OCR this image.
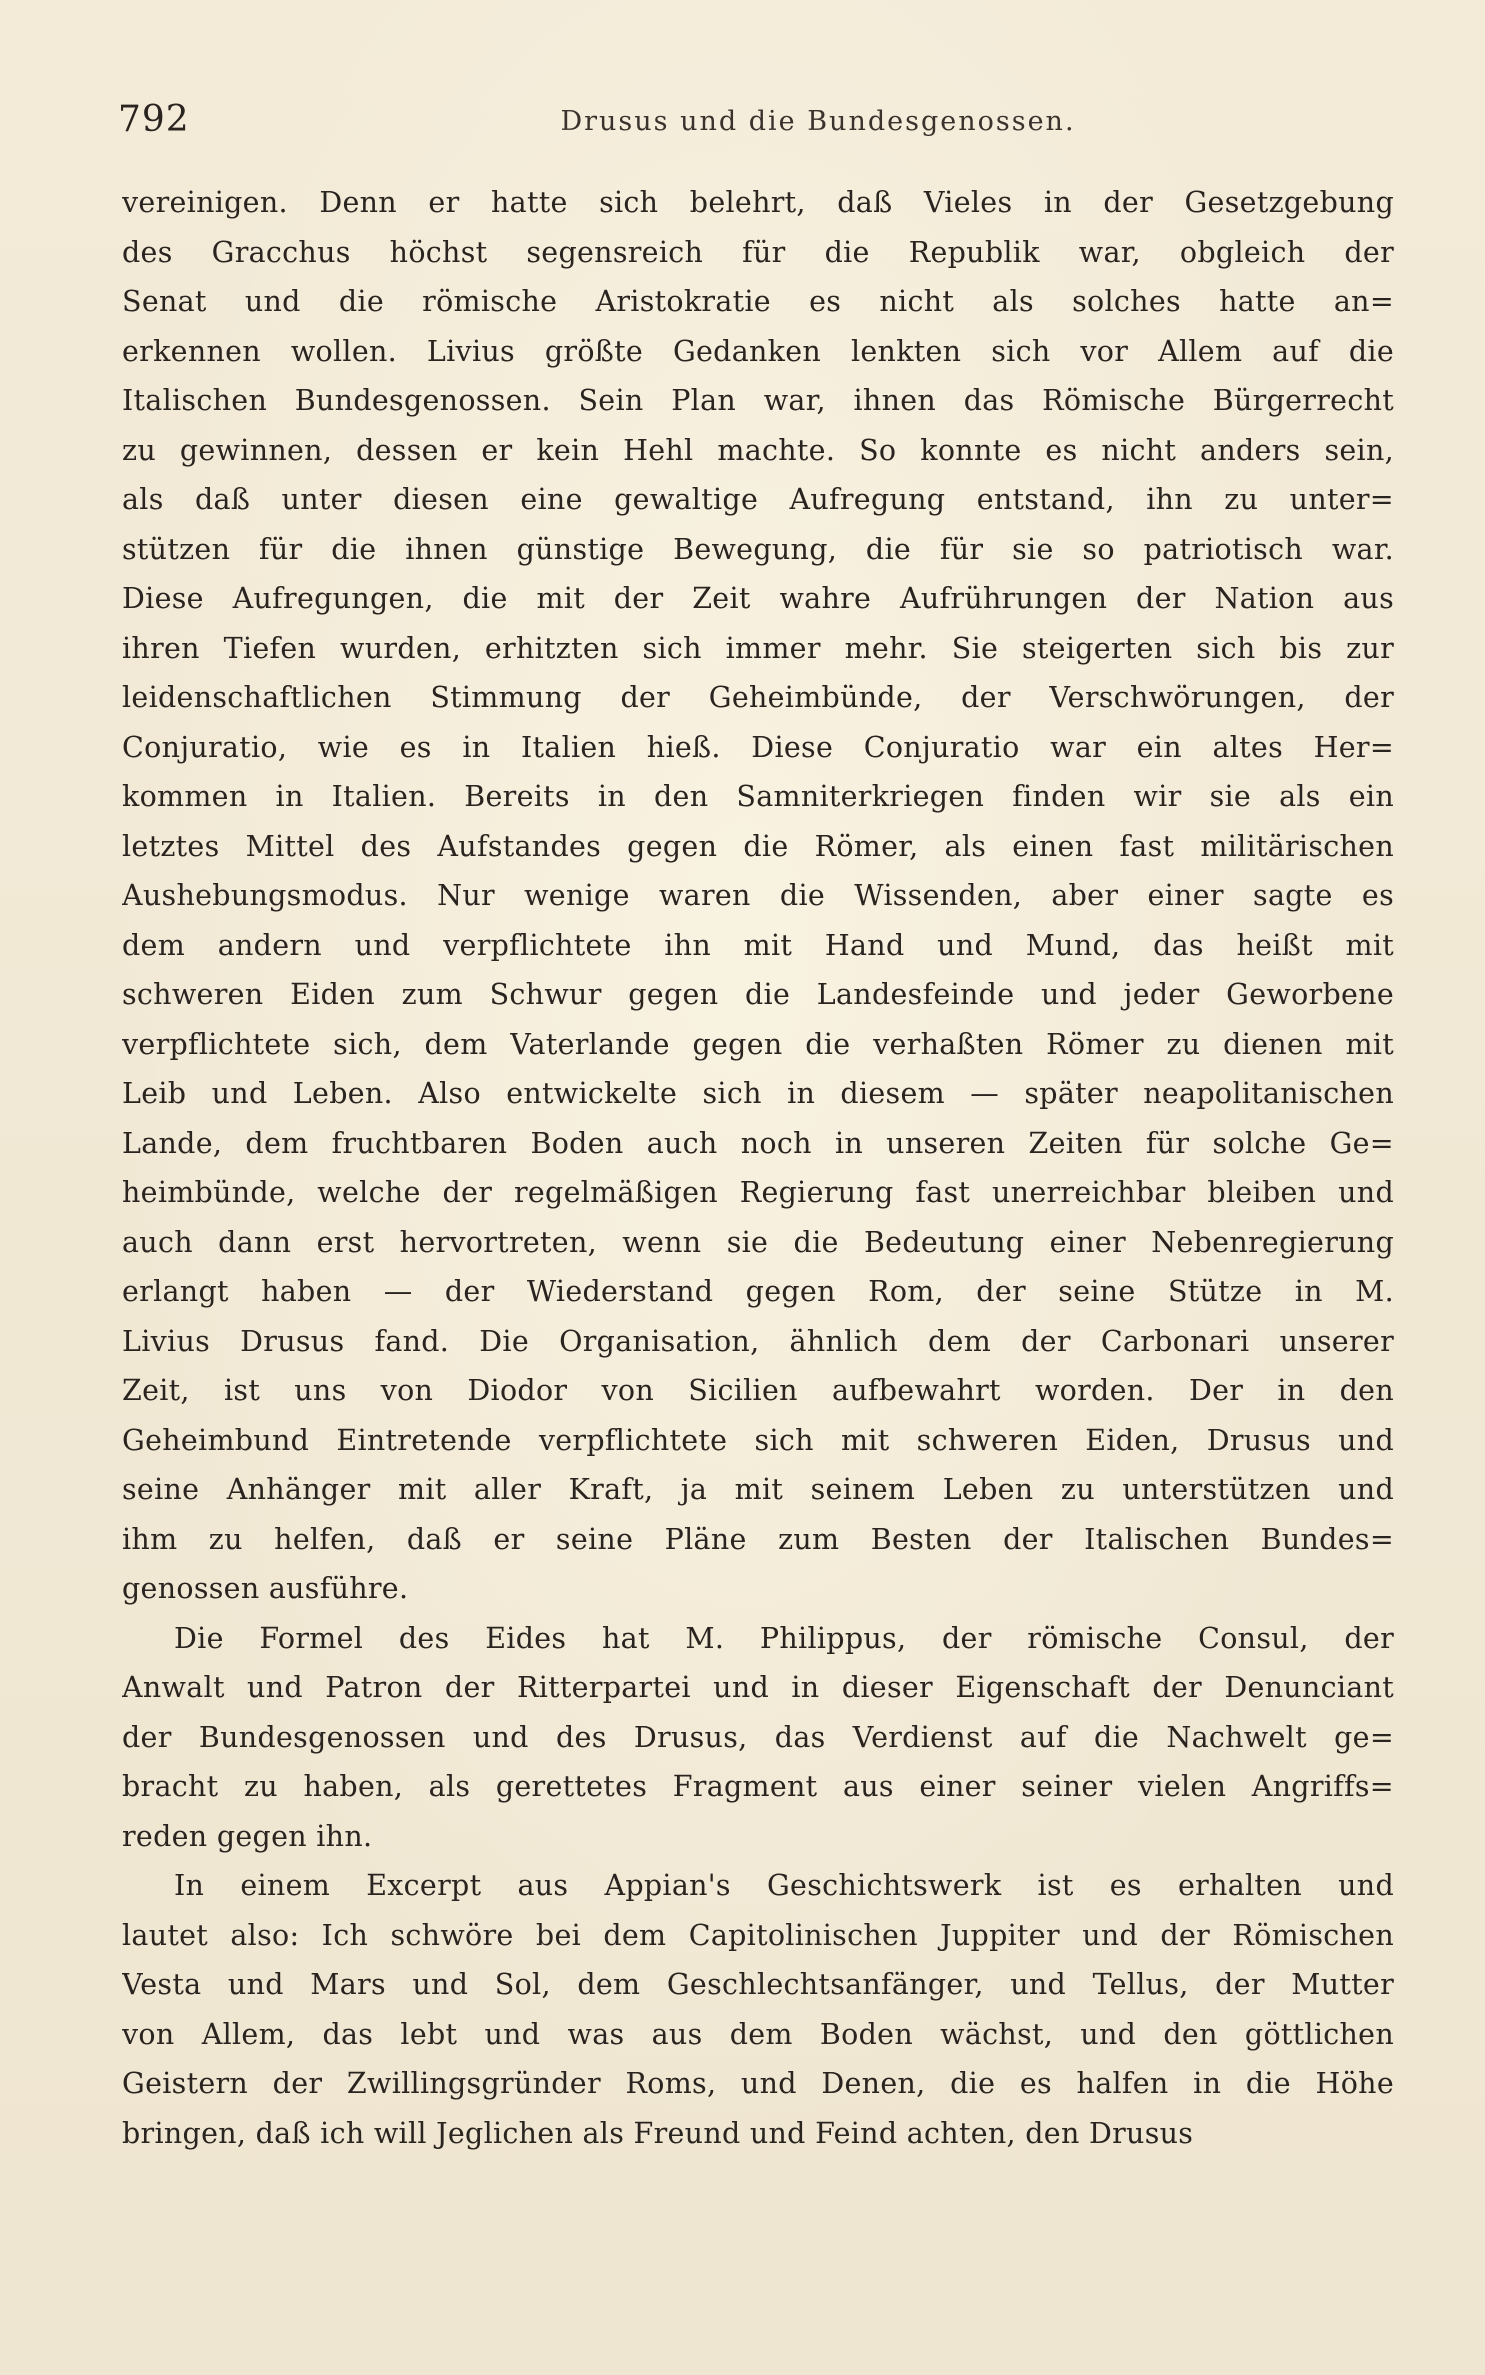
792	Drusus und die Bundesgenossen.
vereinigen. Denn er hatte sich belehrt, daß Vieles in der Gesetzgebung
des Gracchus höchst segensreich für die Republik war, obgleich der
Senat und die römische Aristokratie es nicht als solches hatte an=
erkennen wollen. Livius größte Gedanken lenkten sich vor Allem auf die
Italischen Bundesgenossen. Sein Plan war, ihnen das Römische Bürgerrecht
zu gewinnen, dessen er kein Hehl machte. So konnte es nicht anders sein,
als daß unter diesen eine gewaltige Aufregung entstand, ihn zu unter=
stützen für die ihnen günstige Bewegung, die für sie so patriotisch war.
Diese Aufregungen, die mit der Zeit wahre Aufrührungen der Nation aus
ihren Tiefen wurden, erhitzten sich immer mehr. Sie steigerten sich bis zur
leidenschaftlichen Stimmung der Geheimbünde, der Verschwörungen, der
Conjuratio, wie es in Italien hieß. Diese Conjuratio war ein altes Her=
kommen in Italien. Bereits in den Samniterkriegen finden wir sie als ein
letztes Mittel des Aufstandes gegen die Römer, als einen fast militärischen
Aushebungsmodus. Nur wenige waren die Wissenden, aber einer sagte es
dem andern und verpflichtete ihn mit Hand und Mund, das heißt mit
schweren Eiden zum Schwur gegen die Landesfeinde und jeder Geworbene
verpflichtete sich, dem Vaterlande gegen die verhaßten Römer zu dienen mit
Leib und Leben. Also entwickelte sich in diesem — später neapolitanischen
Lande, dem fruchtbaren Boden auch noch in unseren Zeiten für solche Ge=
heimbünde, welche der regelmäßigen Regierung fast unerreichbar bleiben und
auch dann erst hervortreten, wenn sie die Bedeutung einer Nebenregierung
erlangt haben — der Wiederstand gegen Rom, der seine Stütze in M.
Livius Drusus fand. Die Organisation, ähnlich dem der Carbonari unserer
Zeit, ist uns von Diodor von Sicilien aufbewahrt worden. Der in den
Geheimbund Eintretende verpflichtete sich mit schweren Eiden, Drusus und
seine Anhänger mit aller Kraft, ja mit seinem Leben zu unterstützen und
ihm zu helfen, daß er seine Pläne zum Besten der Italischen Bundes=
genossen ausführe.
Die Formel des Eides hat M. Philippus, der römische Consul, der
Anwalt und Patron der Ritterpartei und in dieser Eigenschaft der Denunciant
der Bundesgenossen und des Drusus, das Verdienst auf die Nachwelt ge=
bracht zu haben, als gerettetes Fragment aus einer seiner vielen Angriffs=
reden gegen ihn.
In einem Excerpt aus Appian's Geschichtswerk ist es erhalten und
lautet also: Ich schwöre bei dem Capitolinischen Juppiter und der Römischen
Vesta und Mars und Sol, dem Geschlechtsanfänger, und Tellus, der Mutter
von Allem, das lebt und was aus dem Boden wächst, und den göttlichen
Geistern der Zwillingsgründer Roms, und Denen, die es halfen in die Höhe
bringen, daß ich will Jeglichen als Freund und Feind achten, den Drusus
